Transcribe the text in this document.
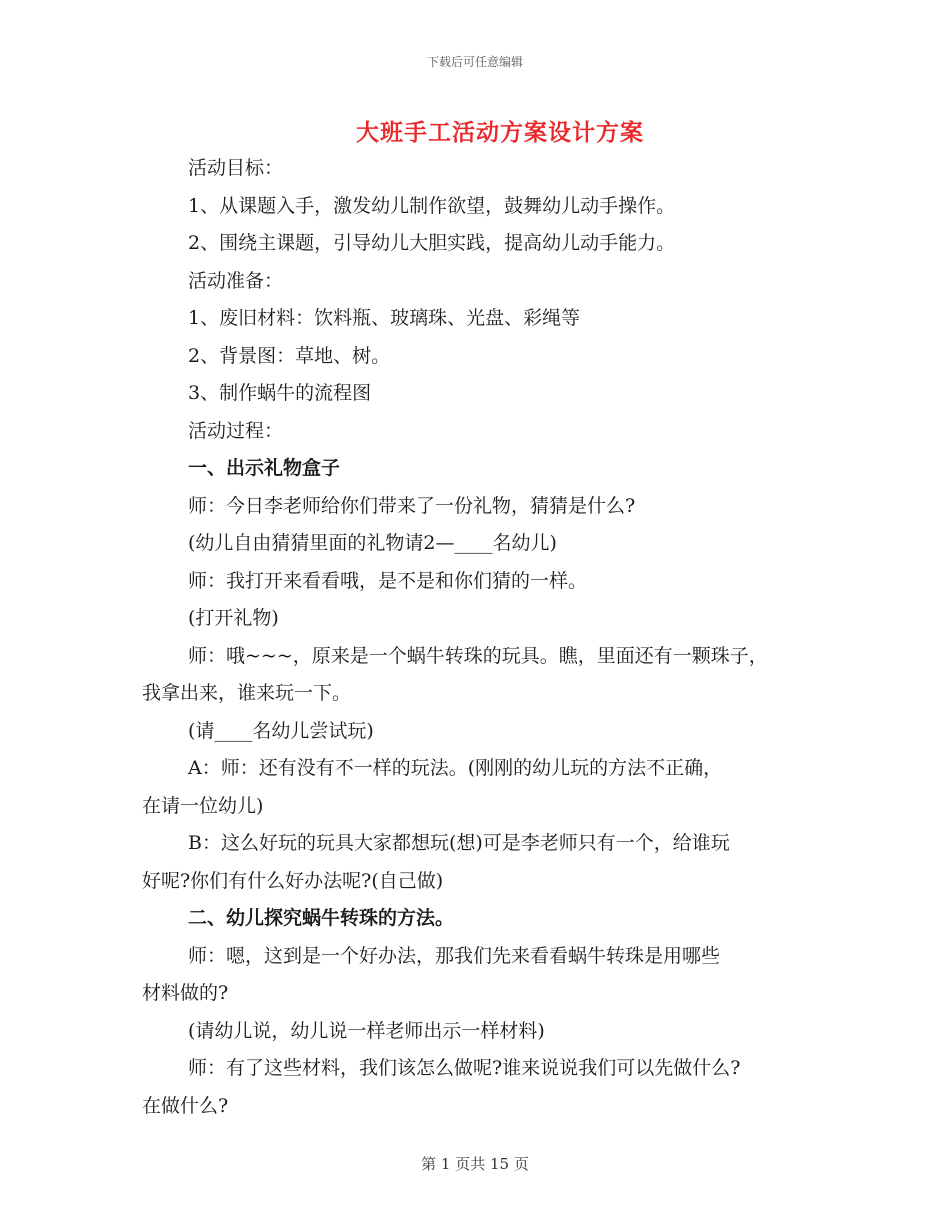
下载后可任意编辑
大班手工活动方案设计方案

活动目标：

1、从课题入手，激发幼儿制作欲望，鼓舞幼儿动手操作。

2、围绕主课题，引导幼儿大胆实践，提高幼儿动手能力。

活动准备：

1、废旧材料：饮料瓶、玻璃珠、光盘、彩绳等

2、背景图：草地、树。

3、制作蜗牛的流程图

活动过程：

一、出示礼物盒子

师：今日李老师给你们带来了一份礼物，猜猜是什么?

(幼儿自由猜猜里面的礼物请2—____名幼儿)

师：我打开来看看哦，是不是和你们猜的一样。

(打开礼物)

师：哦~~~，原来是一个蜗牛转珠的玩具。瞧，里面还有一颗珠子，

我拿出来，谁来玩一下。

(请____名幼儿尝试玩)

A：师：还有没有不一样的玩法。(刚刚的幼儿玩的方法不正确，

在请一位幼儿)

B：这么好玩的玩具大家都想玩(想)可是李老师只有一个，给谁玩

好呢?你们有什么好办法呢?(自己做)

二、幼儿探究蜗牛转珠的方法。

师：嗯，这到是一个好办法，那我们先来看看蜗牛转珠是用哪些

材料做的?

(请幼儿说，幼儿说一样老师出示一样材料)

师：有了这些材料，我们该怎么做呢?谁来说说我们可以先做什么?

在做什么?

第 1 页共 15 页
